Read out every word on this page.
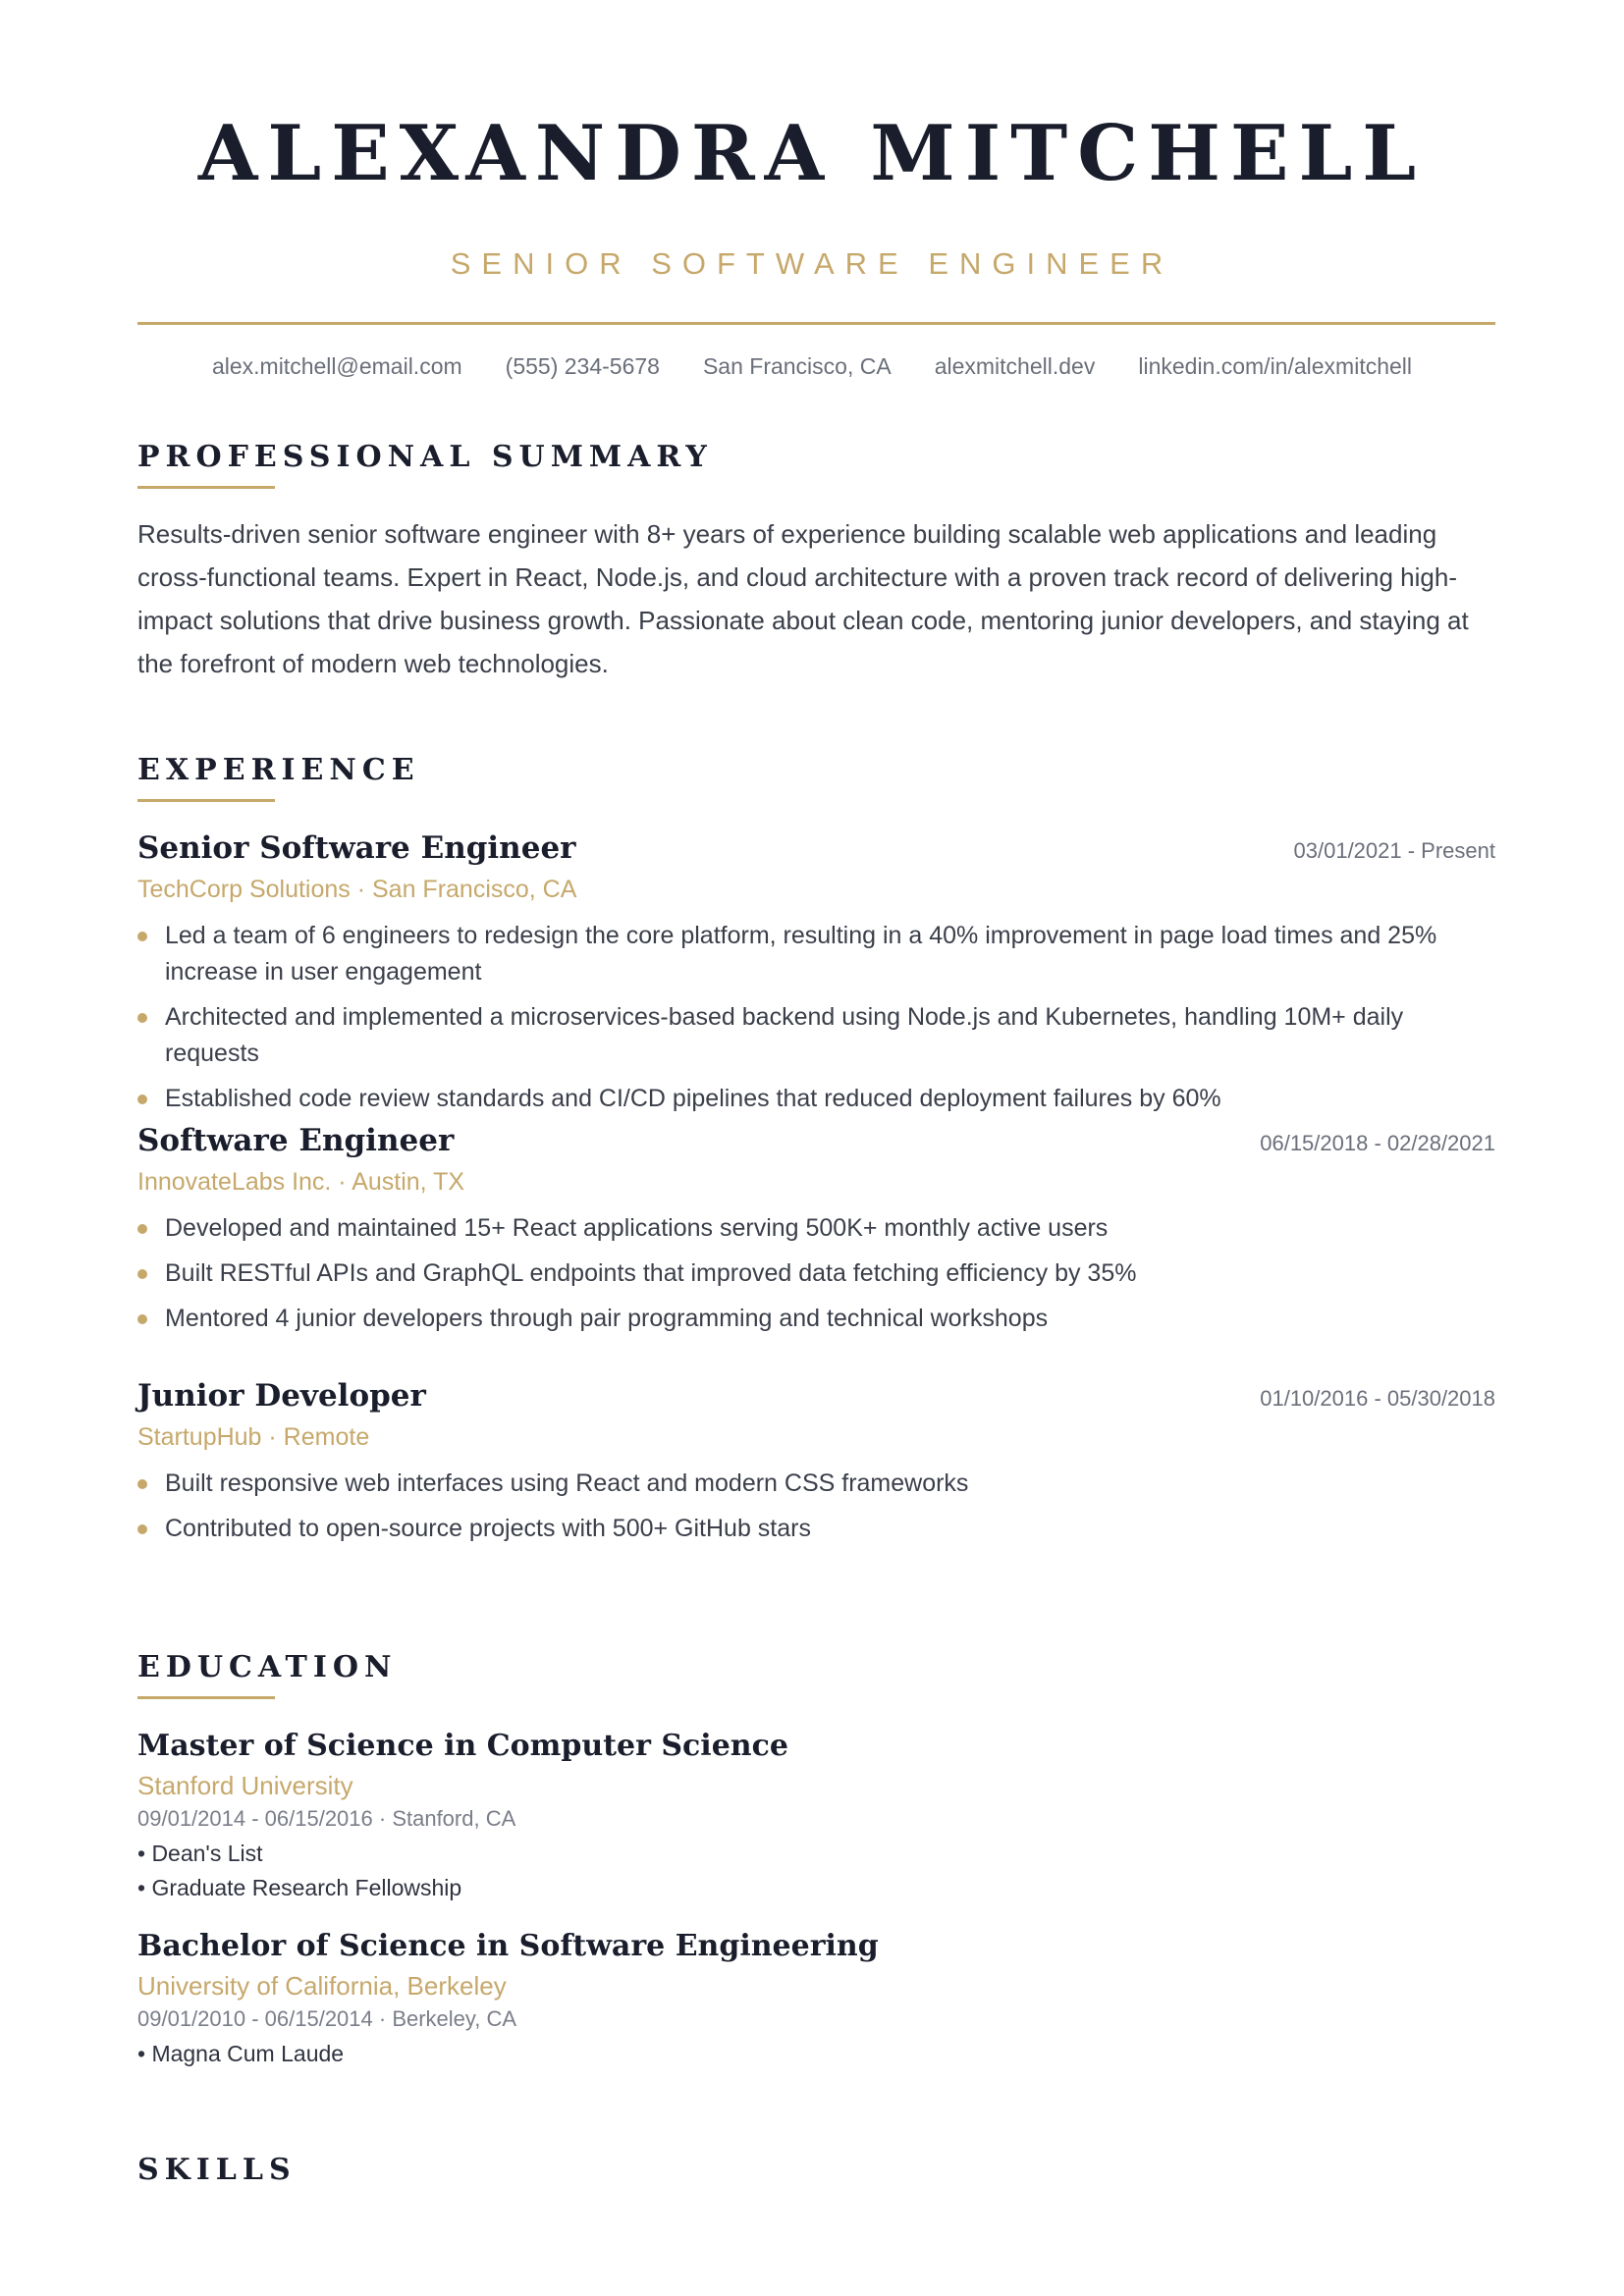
ALEXANDRA MITCHELL
SENIOR SOFTWARE ENGINEER
alex.mitchell@email.com (555) 234-5678 San Francisco, CA alexmitchell.dev linkedin.com/in/alexmitchell
PROFESSIONAL SUMMARY

Results-driven senior software engineer with 8+ years of experience building scalable web applications and leading cross-functional teams. Expert in React, Node.js, and cloud architecture with a proven track record of delivering high-impact solutions that drive business growth. Passionate about clean code, mentoring junior developers, and staying at the forefront of modern web technologies.

EXPERIENCE
Senior Software Engineer	03/01/2021 - Present
TechCorp Solutions · San Francisco, CA
Led a team of 6 engineers to redesign the core platform, resulting in a 40% improvement in page load times and 25% increase in user engagement
Architected and implemented a microservices-based backend using Node.js and Kubernetes, handling 10M+ daily requests
Established code review standards and CI/CD pipelines that reduced deployment failures by 60%
Software Engineer	06/15/2018 - 02/28/2021
InnovateLabs Inc. · Austin, TX
Developed and maintained 15+ React applications serving 500K+ monthly active users
Built RESTful APIs and GraphQL endpoints that improved data fetching efficiency by 35%
Mentored 4 junior developers through pair programming and technical workshops
Junior Developer	01/10/2016 - 05/30/2018
StartupHub · Remote
Built responsive web interfaces using React and modern CSS frameworks
Contributed to open-source projects with 500+ GitHub stars
EDUCATION
Master of Science in Computer Science
Stanford University
09/01/2014 - 06/15/2016 · Stanford, CA
• Dean's List
• Graduate Research Fellowship
Bachelor of Science in Software Engineering
University of California, Berkeley
09/01/2010 - 06/15/2014 · Berkeley, CA
• Magna Cum Laude
SKILLS
